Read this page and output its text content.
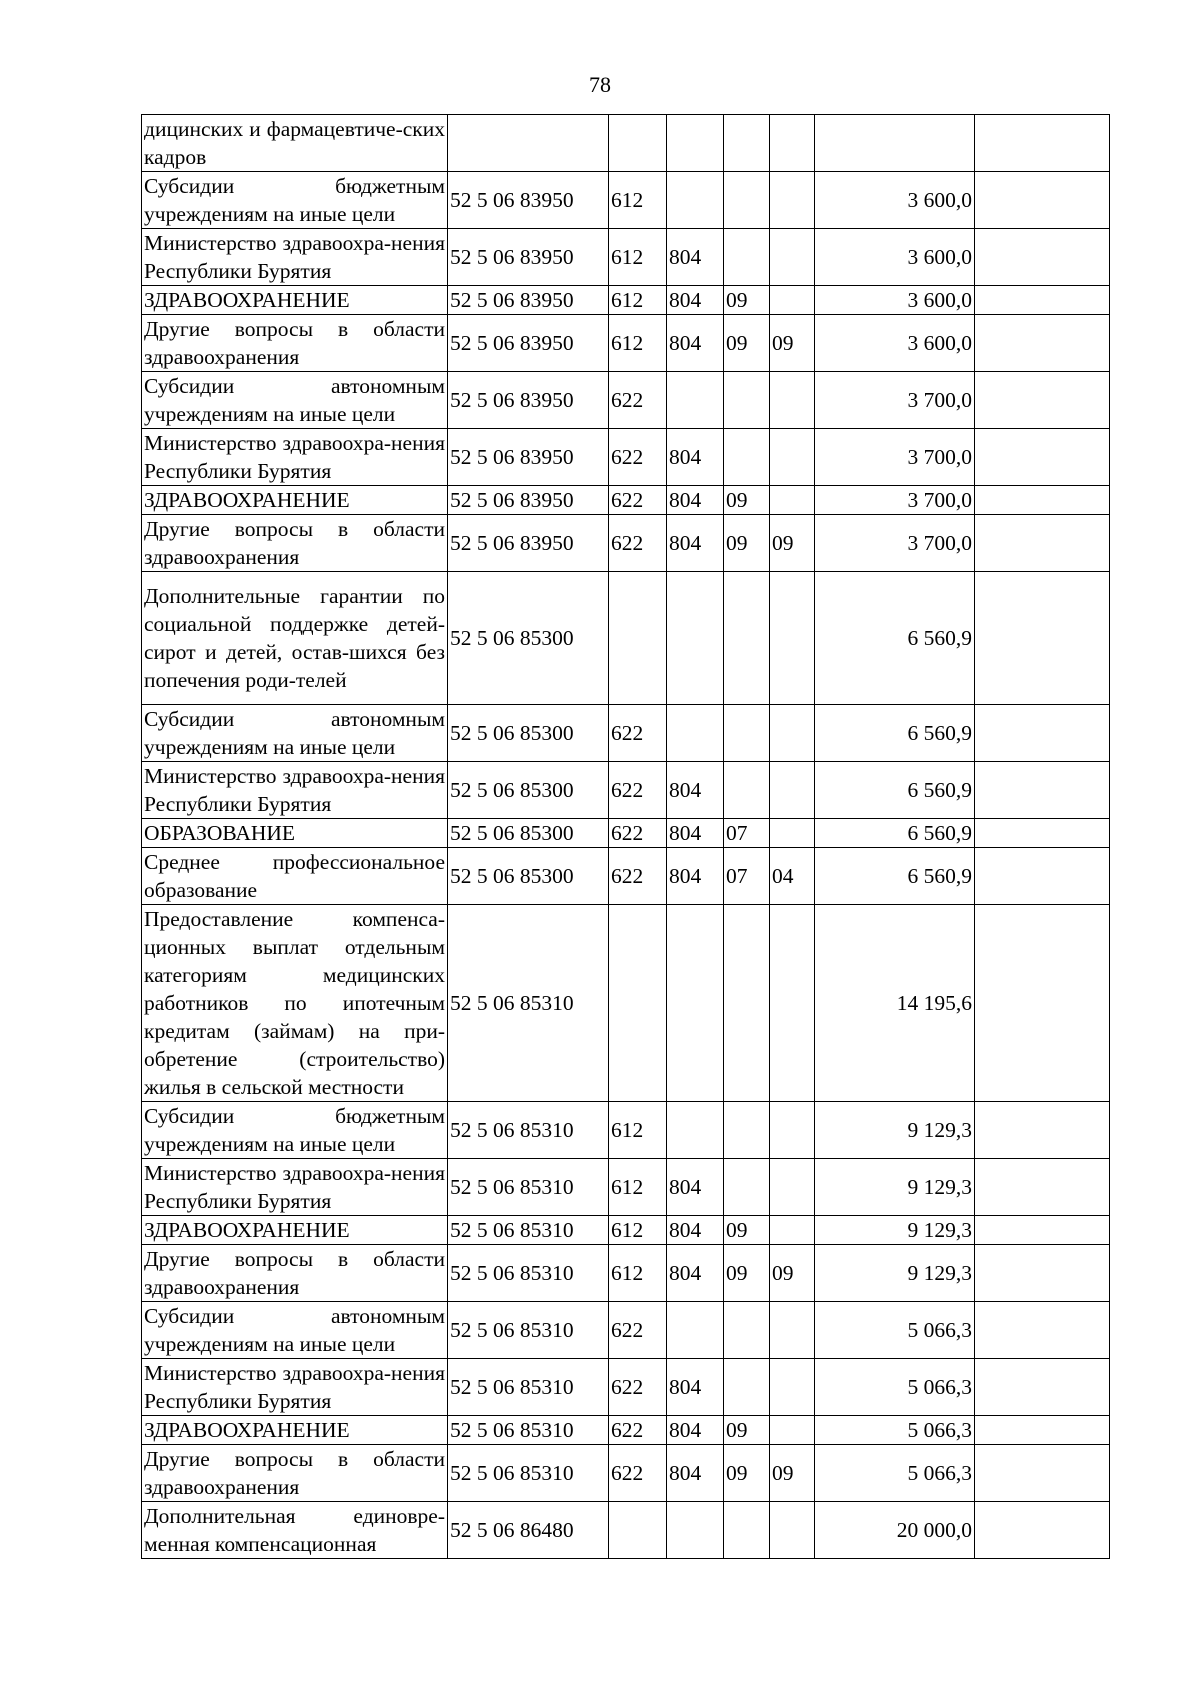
78
дицинских и фармацевтиче-ских кадров							
Субсидии бюджетным учреждениям на иные цели	52 5 06 83950	612				3 600,0	
Министерство здравоохра-нения Республики Бурятия	52 5 06 83950	612	804			3 600,0	
ЗДРАВООХРАНЕНИЕ	52 5 06 83950	612	804	09		3 600,0	
Другие вопросы в области здравоохранения	52 5 06 83950	612	804	09	09	3 600,0	
Субсидии автономным учреждениям на иные цели	52 5 06 83950	622				3 700,0	
Министерство здравоохра-нения Республики Бурятия	52 5 06 83950	622	804			3 700,0	
ЗДРАВООХРАНЕНИЕ	52 5 06 83950	622	804	09		3 700,0	
Другие вопросы в области здравоохранения	52 5 06 83950	622	804	09	09	3 700,0	
Дополнительные гарантии по социальной поддержке детей-сирот и детей, остав-шихся без попечения роди-телей	52 5 06 85300					6 560,9	
Субсидии автономным учреждениям на иные цели	52 5 06 85300	622				6 560,9	
Министерство здравоохра-нения Республики Бурятия	52 5 06 85300	622	804			6 560,9	
ОБРАЗОВАНИЕ	52 5 06 85300	622	804	07		6 560,9	
Среднее профессиональное образование	52 5 06 85300	622	804	07	04	6 560,9	
Предоставление компенса-ционных выплат отдельным категориям медицинских работников по ипотечным кредитам (займам) на при-обретение (строительство) жилья в сельской местности	52 5 06 85310					14 195,6	
Субсидии бюджетным учреждениям на иные цели	52 5 06 85310	612				9 129,3	
Министерство здравоохра-нения Республики Бурятия	52 5 06 85310	612	804			9 129,3	
ЗДРАВООХРАНЕНИЕ	52 5 06 85310	612	804	09		9 129,3	
Другие вопросы в области здравоохранения	52 5 06 85310	612	804	09	09	9 129,3	
Субсидии автономным учреждениям на иные цели	52 5 06 85310	622				5 066,3	
Министерство здравоохра-нения Республики Бурятия	52 5 06 85310	622	804			5 066,3	
ЗДРАВООХРАНЕНИЕ	52 5 06 85310	622	804	09		5 066,3	
Другие вопросы в области здравоохранения	52 5 06 85310	622	804	09	09	5 066,3	
Дополнительная единовре-менная компенсационная	52 5 06 86480					20 000,0	
